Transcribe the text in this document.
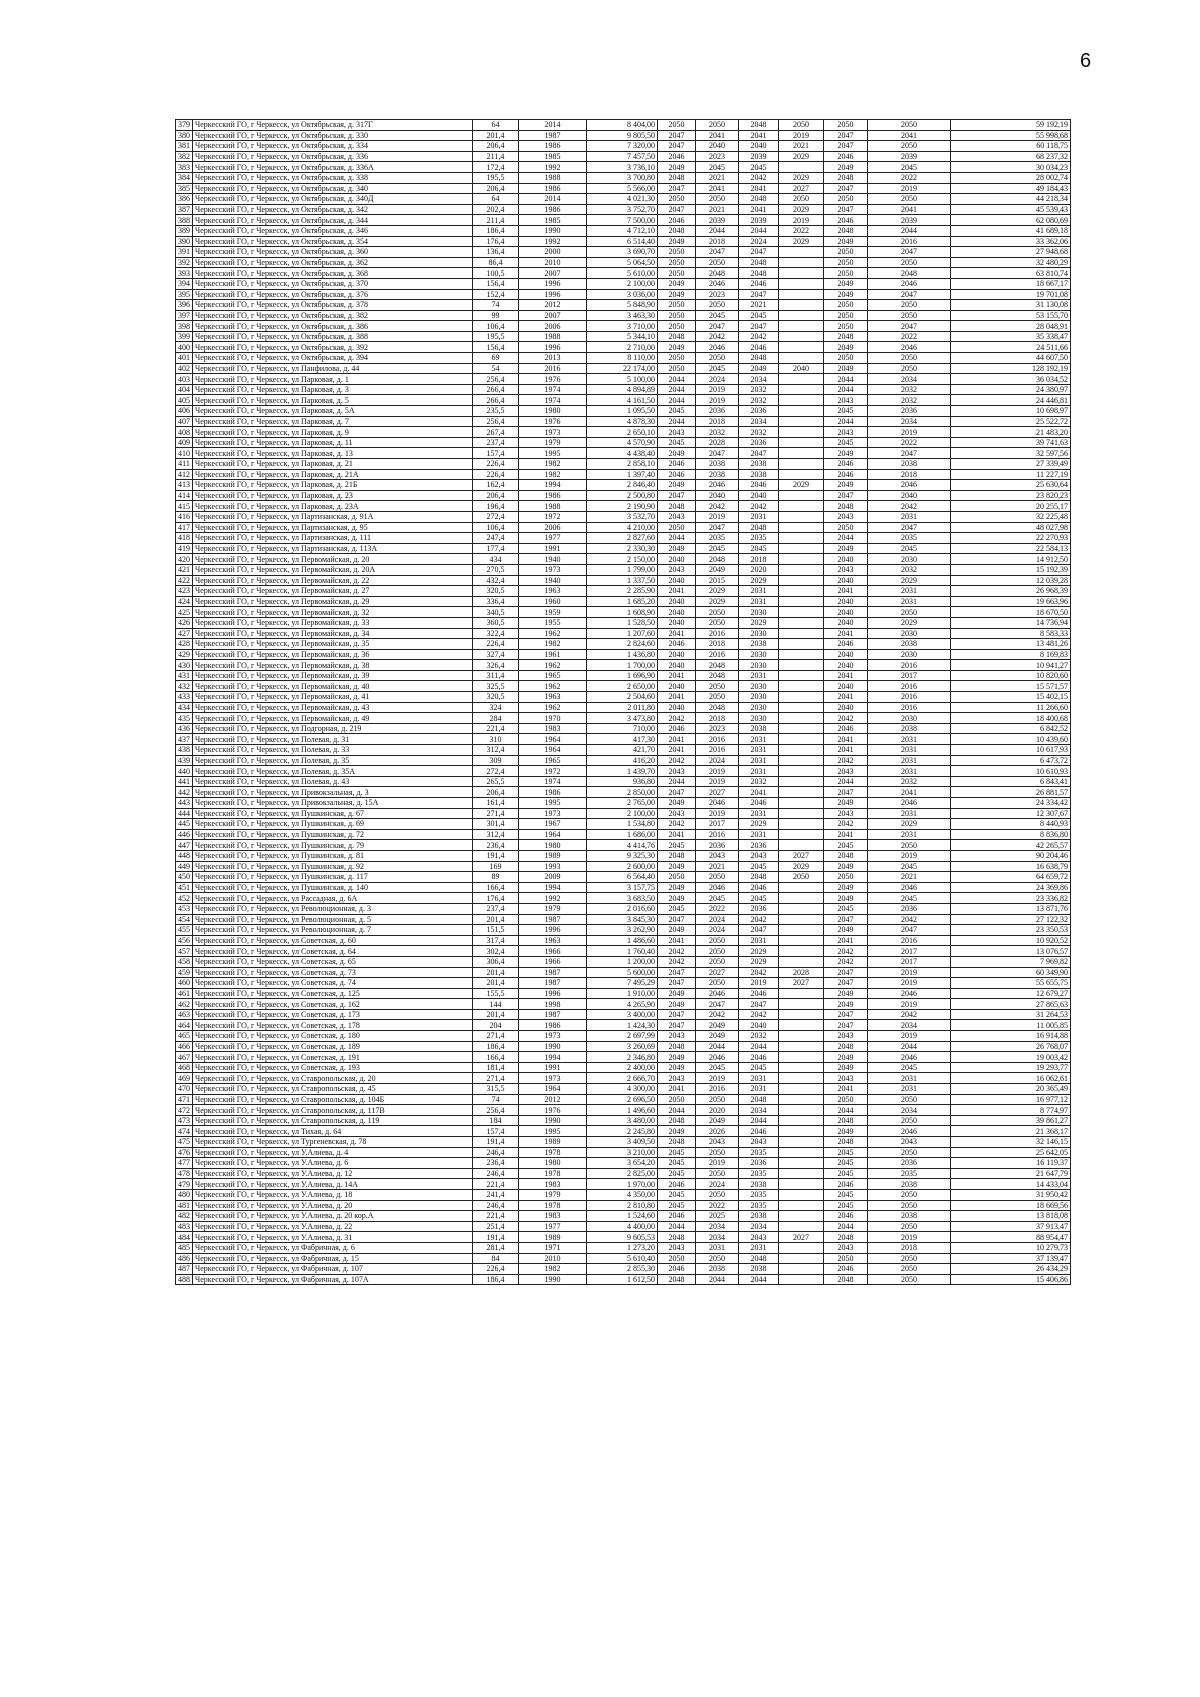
6
379	Черкесский ГО, г Черкесск, ул Октябрьская, д. 317Г	64	2014	8 404,00	2050	2050	2048	2050	2050	2050	59 192,19
380	Черкесский ГО, г Черкесск, ул Октябрьская, д. 330	201,4	1987	9 805,50	2047	2041	2041	2019	2047	2041	55 998,68
381	Черкесский ГО, г Черкесск, ул Октябрьская, д. 334	206,4	1986	7 320,00	2047	2040	2040	2021	2047	2050	60 118,75
382	Черкесский ГО, г Черкесск, ул Октябрьская, д. 336	211,4	1985	7 457,50	2046	2023	2039	2029	2046	2039	68 237,32
383	Черкесский ГО, г Черкесск, ул Октябрьская, д. 336А	172,4	1992	3 736,10	2049	2045	2045		2049	2045	30 034,23
384	Черкесский ГО, г Черкесск, ул Октябрьская, д. 338	195,5	1988	3 700,80	2048	2021	2042	2029	2048	2022	28 002,74
385	Черкесский ГО, г Черкесск, ул Октябрьская, д. 340	206,4	1986	5 566,00	2047	2041	2041	2027	2047	2019	49 184,43
386	Черкесский ГО, г Черкесск, ул Октябрьская, д. 340Д	64	2014	4 021,30	2050	2050	2048	2050	2050	2050	44 218,34
387	Черкесский ГО, г Черкесск, ул Октябрьская, д. 342	202,4	1986	3 752,70	2047	2021	2041	2029	2047	2041	45 539,43
388	Черкесский ГО, г Черкесск, ул Октябрьская, д. 344	211,4	1985	7 500,00	2046	2039	2039	2019	2046	2039	62 080,69
389	Черкесский ГО, г Черкесск, ул Октябрьская, д. 346	186,4	1990	4 712,10	2048	2044	2044	2022	2048	2044	41 689,18
390	Черкесский ГО, г Черкесск, ул Октябрьская, д. 354	176,4	1992	6 514,40	2049	2018	2024	2029	2049	2016	33 362,06
391	Черкесский ГО, г Черкесск, ул Октябрьская, д. 360	136,4	2000	3 690,70	2050	2047	2047		2050	2047	27 948,68
392	Черкесский ГО, г Черкесск, ул Октябрьская, д. 362	86,4	2010	5 064,50	2050	2050	2048		2050	2050	32 480,29
393	Черкесский ГО, г Черкесск, ул Октябрьская, д. 368	100,5	2007	5 610,00	2050	2048	2048		2050	2048	63 810,74
394	Черкесский ГО, г Черкесск, ул Октябрьская, д. 370	156,4	1996	2 100,00	2049	2046	2046		2049	2046	18 667,17
395	Черкесский ГО, г Черкесск, ул Октябрьская, д. 376	152,4	1996	3 036,00	2049	2023	2047		2049	2047	19 701,08
396	Черкесский ГО, г Черкесск, ул Октябрьская, д. 378	74	2012	5 848,90	2050	2050	2021		2050	2050	31 130,08
397	Черкесский ГО, г Черкесск, ул Октябрьская, д. 382	99	2007	3 463,30	2050	2045	2045		2050	2050	53 155,70
398	Черкесский ГО, г Черкесск, ул Октябрьская, д. 386	106,4	2006	3 710,00	2050	2047	2047		2050	2047	28 048,91
399	Черкесский ГО, г Черкесск, ул Октябрьская, д. 388	195,5	1988	5 344,10	2048	2042	2042		2048	2022	35 338,47
400	Черкесский ГО, г Черкесск, ул Октябрьская, д. 392	156,4	1996	2 710,00	2049	2046	2046		2049	2046	24 511,66
401	Черкесский ГО, г Черкесск, ул Октябрьская, д. 394	69	2013	8 110,00	2050	2050	2048		2050	2050	44 607,50
402	Черкесский ГО, г Черкесск, ул Панфилова, д. 44	54	2016	22 174,00	2050	2045	2049	2040	2049	2050	128 192,19
403	Черкесский ГО, г Черкесск, ул Парковая, д. 1	256,4	1976	5 100,00	2044	2024	2034		2044	2034	36 034,52
404	Черкесский ГО, г Черкесск, ул Парковая, д. 3	266,4	1974	4 894,89	2044	2019	2032		2044	2032	24 380,97
405	Черкесский ГО, г Черкесск, ул Парковая, д. 5	266,4	1974	4 161,50	2044	2019	2032		2043	2032	24 446,81
406	Черкесский ГО, г Черкесск, ул Парковая, д. 5А	235,5	1980	1 095,50	2045	2036	2036		2045	2036	10 698,97
407	Черкесский ГО, г Черкесск, ул Парковая, д. 7	256,4	1976	4 878,30	2044	2018	2034		2044	2034	25 522,72
408	Черкесский ГО, г Черкесск, ул Парковая, д. 9	267,4	1973	2 650,10	2043	2032	2032		2043	2019	21 483,20
409	Черкесский ГО, г Черкесск, ул Парковая, д. 11	237,4	1979	4 570,90	2045	2028	2036		2045	2022	39 741,63
410	Черкесский ГО, г Черкесск, ул Парковая, д. 13	157,4	1995	4 438,40	2049	2047	2047		2049	2047	32 597,56
411	Черкесский ГО, г Черкесск, ул Парковая, д. 21	226,4	1982	2 858,10	2046	2038	2038		2046	2038	27 339,49
412	Черкесский ГО, г Черкесск, ул Парковая, д. 21А	226,4	1982	1 397,40	2046	2038	2038		2046	2018	11 227,19
413	Черкесский ГО, г Черкесск, ул Парковая, д. 21Б	162,4	1994	2 846,40	2049	2046	2046	2029	2049	2046	25 630,64
414	Черкесский ГО, г Черкесск, ул Парковая, д. 23	206,4	1986	2 500,80	2047	2040	2040		2047	2040	23 820,23
415	Черкесский ГО, г Черкесск, ул Парковая, д. 23А	196,4	1988	2 190,90	2048	2042	2042		2048	2042	20 255,17
416	Черкесский ГО, г Черкесск, ул Партизанская, д. 91А	272,4	1972	3 532,70	2043	2019	2031		2043	2031	32 225,48
417	Черкесский ГО, г Черкесск, ул Партизанская, д. 95	106,4	2006	4 210,00	2050	2047	2048		2050	2047	48 027,98
418	Черкесский ГО, г Черкесск, ул Партизанская, д. 111	247,4	1977	2 827,60	2044	2035	2035		2044	2035	22 270,93
419	Черкесский ГО, г Черкесск, ул Партизанская, д. 113А	177,4	1991	2 330,30	2049	2045	2045		2049	2045	22 584,13
420	Черкесский ГО, г Черкесск, ул Первомайская, д. 20	434	1940	2 150,00	2040	2048	2018		2040	2030	14 912,50
421	Черкесский ГО, г Черкесск, ул Первомайская, д. 20А	270,5	1973	1 799,00	2043	2049	2020		2043	2032	15 192,39
422	Черкесский ГО, г Черкесск, ул Первомайская, д. 22	432,4	1940	1 337,50	2040	2015	2029		2040	2029	12 039,28
423	Черкесский ГО, г Черкесск, ул Первомайская, д. 27	320,5	1963	2 285,90	2041	2029	2031		2041	2031	26 968,39
424	Черкесский ГО, г Черкесск, ул Первомайская, д. 29	336,4	1960	1 685,20	2040	2029	2031		2040	2031	19 663,96
425	Черкесский ГО, г Черкесск, ул Первомайская, д. 32	340,5	1959	1 608,90	2040	2050	2030		2040	2050	18 670,50
426	Черкесский ГО, г Черкесск, ул Первомайская, д. 33	360,5	1955	1 528,50	2040	2050	2029		2040	2029	14 736,94
427	Черкесский ГО, г Черкесск, ул Первомайская, д. 34	322,4	1962	1 207,60	2041	2016	2030		2041	2030	8 583,33
428	Черкесский ГО, г Черкесск, ул Первомайская, д. 35	226,4	1982	2 824,60	2046	2018	2038		2046	2038	13 481,26
429	Черкесский ГО, г Черкесск, ул Первомайская, д. 36	327,4	1961	1 436,80	2040	2016	2030		2040	2030	8 169,83
430	Черкесский ГО, г Черкесск, ул Первомайская, д. 38	326,4	1962	1 700,00	2040	2048	2030		2040	2016	10 941,27
431	Черкесский ГО, г Черкесск, ул Первомайская, д. 39	311,4	1965	1 696,90	2041	2048	2031		2041	2017	10 820,60
432	Черкесский ГО, г Черкесск, ул Первомайская, д. 40	325,5	1962	2 650,00	2040	2050	2030		2040	2016	15 571,57
433	Черкесский ГО, г Черкесск, ул Первомайская, д. 41	320,5	1963	2 504,60	2041	2050	2030		2041	2016	15 402,15
434	Черкесский ГО, г Черкесск, ул Первомайская, д. 43	324	1962	2 011,80	2040	2048	2030		2040	2016	11 266,60
435	Черкесский ГО, г Черкесск, ул Первомайская, д. 49	284	1970	3 473,80	2042	2018	2030		2042	2030	18 400,68
436	Черкесский ГО, г Черкесск, ул Подгорная, д. 219	221,4	1983	710,00	2046	2023	2038		2046	2038	6 842,52
437	Черкесский ГО, г Черкесск, ул Полевая, д. 31	310	1964	417,30	2041	2016	2031		2041	2031	10 439,60
438	Черкесский ГО, г Черкесск, ул Полевая, д. 33	312,4	1964	421,70	2041	2016	2031		2041	2031	10 617,93
439	Черкесский ГО, г Черкесск, ул Полевая, д. 35	309	1965	416,20	2042	2024	2031		2042	2031	6 473,72
440	Черкесский ГО, г Черкесск, ул Полевая, д. 35А	272,4	1972	1 439,70	2043	2019	2031		2043	2031	10 610,93
441	Черкесский ГО, г Черкесск, ул Полевая, д. 43	265,5	1974	936,80	2044	2019	2032		2044	2032	6 843,41
442	Черкесский ГО, г Черкесск, ул Привокзальная, д. 3	206,4	1986	2 850,00	2047	2027	2041		2047	2041	26 881,57
443	Черкесский ГО, г Черкесск, ул Привокзальная, д. 15А	161,4	1995	2 765,00	2049	2046	2046		2049	2046	24 334,42
444	Черкесский ГО, г Черкесск, ул Пушкинская, д. 67	271,4	1973	2 100,00	2043	2019	2031		2043	2031	12 307,67
445	Черкесский ГО, г Черкесск, ул Пушкинская, д. 69	301,4	1967	1 534,80	2042	2017	2029		2042	2029	8 440,93
446	Черкесский ГО, г Черкесск, ул Пушкинская, д. 72	312,4	1964	1 686,00	2041	2016	2031		2041	2031	8 836,80
447	Черкесский ГО, г Черкесск, ул Пушкинская, д. 79	236,4	1980	4 414,76	2045	2036	2036		2045	2050	42 265,57
448	Черкесский ГО, г Черкесск, ул Пушкинская, д. 81	191,4	1989	9 325,30	2048	2043	2043	2027	2048	2019	90 204,46
449	Черкесский ГО, г Черкесск, ул Пушкинская, д. 92	169	1993	2 600,00	2049	2021	2045	2029	2049	2045	16 638,79
450	Черкесский ГО, г Черкесск, ул Пушкинская, д. 117	89	2009	6 564,40	2050	2050	2048	2050	2050	2021	64 659,72
451	Черкесский ГО, г Черкесск, ул Пушкинская, д. 140	166,4	1994	3 157,75	2049	2046	2046		2049	2046	24 369,86
452	Черкесский ГО, г Черкесск, ул Рассадная, д. 6А	176,4	1992	3 683,50	2049	2045	2045		2049	2045	23 336,82
453	Черкесский ГО, г Черкесск, ул Революционная, д. 3	237,4	1979	2 016,60	2045	2022	2036		2045	2036	13 871,76
454	Черкесский ГО, г Черкесск, ул Революционная, д. 5	201,4	1987	3 845,30	2047	2024	2042		2047	2042	27 122,32
455	Черкесский ГО, г Черкесск, ул Революционная, д. 7	151,5	1996	3 262,90	2049	2024	2047		2049	2047	23 350,53
456	Черкесский ГО, г Черкесск, ул Советская, д. 60	317,4	1963	1 486,60	2041	2050	2031		2041	2016	10 920,52
457	Черкесский ГО, г Черкесск, ул Советская, д. 64	302,4	1966	1 760,40	2042	2050	2029		2042	2017	13 076,57
458	Черкесский ГО, г Черкесск, ул Советская, д. 65	306,4	1966	1 200,00	2042	2050	2029		2042	2017	7 969,82
459	Черкесский ГО, г Черкесск, ул Советская, д. 73	201,4	1987	5 600,00	2047	2027	2042	2028	2047	2019	60 349,90
460	Черкесский ГО, г Черкесск, ул Советская, д. 74	201,4	1987	7 495,29	2047	2050	2019	2027	2047	2019	55 655,75
461	Черкесский ГО, г Черкесск, ул Советская, д. 125	155,5	1996	1 910,00	2049	2046	2046		2049	2046	12 679,27
462	Черкесский ГО, г Черкесск, ул Советская, д. 162	144	1998	4 265,90	2049	2047	2047		2049	2019	27 865,63
463	Черкесский ГО, г Черкесск, ул Советская, д. 173	201,4	1987	3 400,00	2047	2042	2042		2047	2042	31 264,53
464	Черкесский ГО, г Черкесск, ул Советская, д. 178	204	1986	1 424,30	2047	2049	2040		2047	2034	11 005,85
465	Черкесский ГО, г Черкесск, ул Советская, д. 180	271,4	1973	2 697,99	2043	2049	2032		2043	2019	16 914,88
466	Черкесский ГО, г Черкесск, ул Советская, д. 189	186,4	1990	3 260,69	2048	2044	2044		2048	2044	26 768,07
467	Черкесский ГО, г Черкесск, ул Советская, д. 191	166,4	1994	2 346,80	2049	2046	2046		2049	2046	19 003,42
468	Черкесский ГО, г Черкесск, ул Советская, д. 193	181,4	1991	2 400,00	2049	2045	2045		2049	2045	19 293,77
469	Черкесский ГО, г Черкесск, ул Ставропольская, д. 20	271,4	1973	2 666,70	2043	2019	2031		2043	2031	16 062,61
470	Черкесский ГО, г Черкесск, ул Ставропольская, д. 45	315,5	1964	4 300,00	2041	2016	2031		2041	2031	20 365,49
471	Черкесский ГО, г Черкесск, ул Ставропольская, д. 104Б	74	2012	2 696,50	2050	2050	2048		2050	2050	16 977,12
472	Черкесский ГО, г Черкесск, ул Ставропольская, д. 117В	256,4	1976	1 496,60	2044	2020	2034		2044	2034	8 774,97
473	Черкесский ГО, г Черкесск, ул Ставропольская, д. 119	184	1990	3 480,00	2048	2049	2044		2048	2050	39 861,27
474	Черкесский ГО, г Черкесск, ул Тихая, д. 64	157,4	1995	2 245,80	2049	2026	2046		2049	2046	21 368,17
475	Черкесский ГО, г Черкесск, ул Тургеневская, д. 78	191,4	1989	3 409,50	2048	2043	2043		2048	2043	32 146,15
476	Черкесский ГО, г Черкесск, ул У.Алиева, д. 4	246,4	1978	3 210,00	2045	2050	2035		2045	2050	25 642,05
477	Черкесский ГО, г Черкесск, ул У.Алиева, д. 6	236,4	1980	3 654,20	2045	2019	2036		2045	2036	16 119,37
478	Черкесский ГО, г Черкесск, ул У.Алиева, д. 12	246,4	1978	2 825,00	2045	2050	2035		2045	2035	21 647,79
479	Черкесский ГО, г Черкесск, ул У.Алиева, д. 14А	221,4	1983	1 970,00	2046	2024	2038		2046	2038	14 433,04
480	Черкесский ГО, г Черкесск, ул У.Алиева, д. 18	241,4	1979	4 350,00	2045	2050	2035		2045	2050	31 950,42
481	Черкесский ГО, г Черкесск, ул У.Алиева, д. 20	246,4	1978	2 810,80	2045	2022	2035		2045	2050	18 669,56
482	Черкесский ГО, г Черкесск, ул У.Алиева, д. 20 кор.А	221,4	1983	1 524,60	2046	2025	2038		2046	2038	13 818,08
483	Черкесский ГО, г Черкесск, ул У.Алиева, д. 22	251,4	1977	4 400,00	2044	2034	2034		2044	2050	37 913,47
484	Черкесский ГО, г Черкесск, ул У.Алиева, д. 31	191,4	1989	9 605,53	2048	2034	2043	2027	2048	2019	88 954,47
485	Черкесский ГО, г Черкесск, ул Фабричная, д. 6	281,4	1971	1 273,20	2043	2031	2031		2043	2018	10 279,73
486	Черкесский ГО, г Черкесск, ул Фабричная, д. 15	84	2010	5 610,40	2050	2050	2048		2050	2050	37 139,47
487	Черкесский ГО, г Черкесск, ул Фабричная, д. 107	226,4	1982	2 855,30	2046	2038	2038		2046	2050	26 434,29
488	Черкесский ГО, г Черкесск, ул Фабричная, д. 107А	186,4	1990	1 612,50	2048	2044	2044		2048	2050	15 406,86
